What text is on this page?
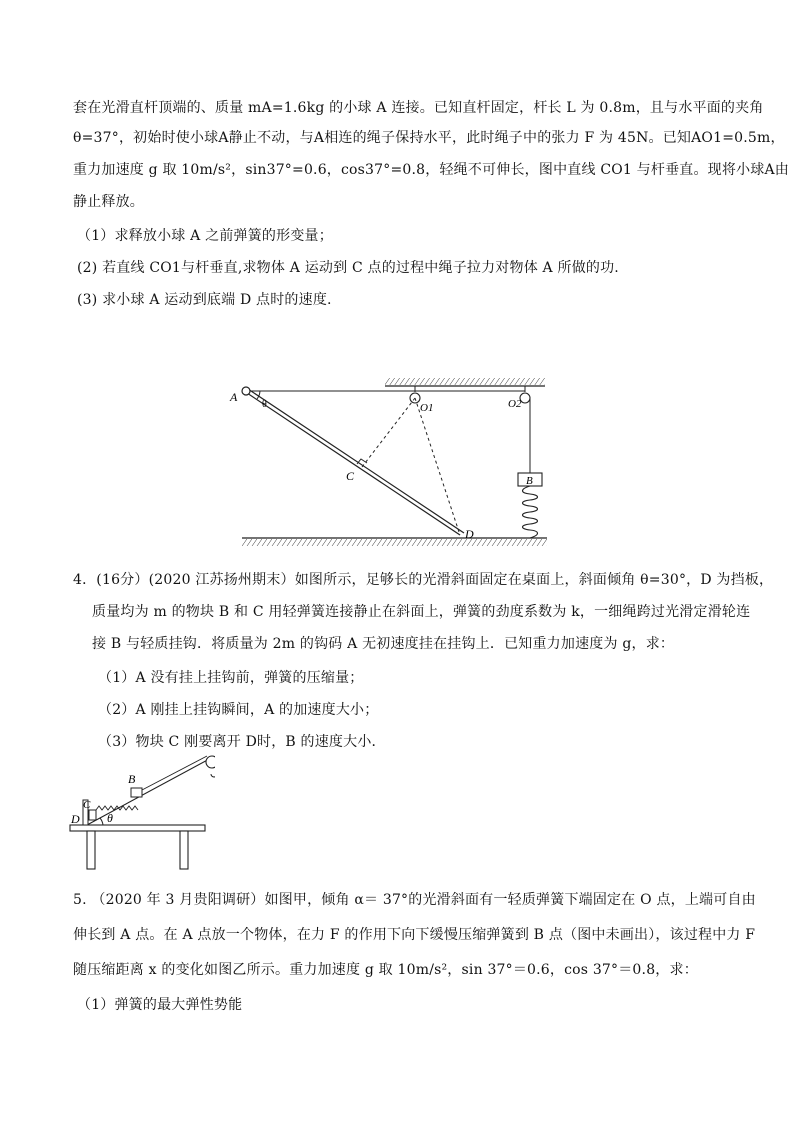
套在光滑直杆顶端的、质量 mA=1.6kg 的小球 A 连接。已知直杆固定，杆长 L 为 0.8m，且与水平面的夹角
θ=37°，初始时使小球A静止不动，与A相连的绳子保持水平，此时绳子中的张力 F 为 45N。已知AO1=0.5m，
重力加速度 g 取 10m/s²，sin37°=0.6，cos37°=0.8，轻绳不可伸长，图中直线 CO1 与杆垂直。现将小球A由
静止释放。
（1）求释放小球 A 之前弹簧的形变量；
(2) 若直线 CO1与杆垂直,求物体 A 运动到 C 点的过程中绳子拉力对物体 A 所做的功.
(3) 求小球 A 运动到底端 D 点时的速度.
A
θ	O1	O2
C	B
D
4．(16分）(2020 江苏扬州期末）如图所示，足够长的光滑斜面固定在桌面上，斜面倾角 θ=30°，D 为挡板，
质量均为 m 的物块 B 和 C 用轻弹簧连接静止在斜面上，弹簧的劲度系数为 k，一细绳跨过光滑定滑轮连
接 B 与轻质挂钩．将质量为 2m 的钩码 A 无初速度挂在挂钩上．已知重力加速度为 g，求：
（1）A 没有挂上挂钩前，弹簧的压缩量；
（2）A 刚挂上挂钩瞬间，A 的加速度大小；
（3）物块 C 刚要离开 D时，B 的速度大小．
B
C
D θ
5. （2020 年 3 月贵阳调研）如图甲，倾角 α＝ 37°的光滑斜面有一轻质弹簧下端固定在 O 点，上端可自由
伸长到 A 点。在 A 点放一个物体，在力 F 的作用下向下缓慢压缩弹簧到 B 点（图中未画出），该过程中力 F
随压缩距离 x 的变化如图乙所示。重力加速度 g 取 10m/s²，sin 37°＝0.6，cos 37°＝0.8，求：
（1）弹簧的最大弹性势能
